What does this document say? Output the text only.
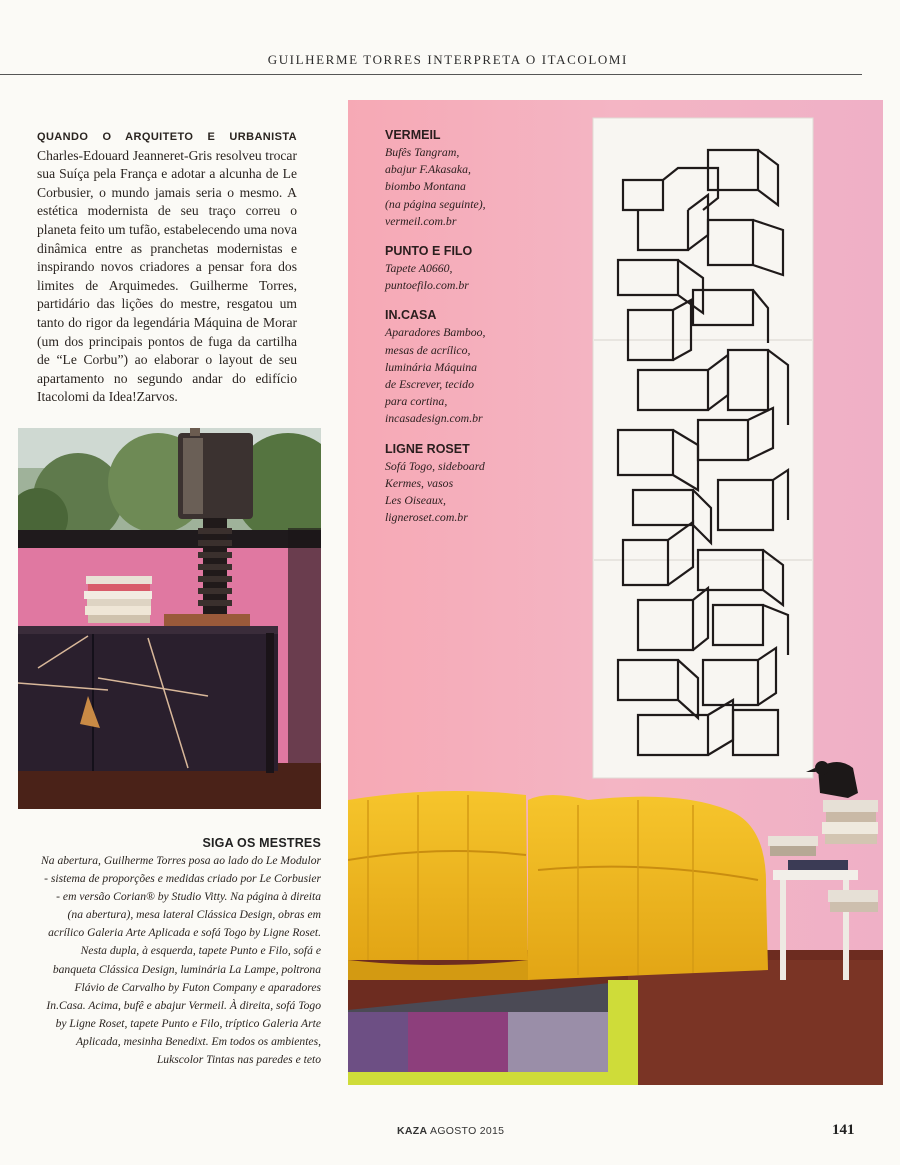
GUILHERME TORRES INTERPRETA O ITACOLOMI
QUANDO O ARQUITETO E URBANISTA Charles-Edouard Jeanneret-Gris resolveu trocar sua Suíça pela França e adotar a alcunha de Le Corbusier, o mundo jamais seria o mesmo. A estética modernista de seu traço correu o planeta feito um tufão, estabelecendo uma nova dinâmica entre as pranchetas modernistas e inspirando novos criadores a pensar fora dos limites de Arquimedes. Guilherme Torres, partidário das lições do mestre, resgatou um tanto do rigor da legendária Máquina de Morar (um dos principais pontos de fuga da cartilha de “Le Corbu”) ao elaborar o layout de seu apartamento no segundo andar do edifício Itacolomi da Idea!Zarvos.
SIGA OS MESTRES
Na abertura, Guilherme Torres posa ao lado do Le Modulor - sistema de proporções e medidas criado por Le Corbusier - em versão Corian® by Studio Vitty. Na página à direita (na abertura), mesa lateral Clássica Design, obras em acrílico Galeria Arte Aplicada e sofá Togo by Ligne Roset. Nesta dupla, à esquerda, tapete Punto e Filo, sofá e banqueta Clássica Design, luminária La Lampe, poltrona Flávio de Carvalho by Futon Company e aparadores In.Casa. Acima, bufê e abajur Vermeil. À direita, sofá Togo by Ligne Roset, tapete Punto e Filo, tríptico Galeria Arte Aplicada, mesinha Benedixt. Em todos os ambientes, Lukscolor Tintas nas paredes e teto
VERMEIL
Bufês Tangram,
abajur F.Akasaka,
biombo Montana
(na página seguinte),
vermeil.com.br
PUNTO E FILO
Tapete A0660,
puntoefilo.com.br
IN.CASA
Aparadores Bamboo,
mesas de acrílico,
luminária Máquina
de Escrever, tecido
para cortina,
incasadesign.com.br
LIGNE ROSET
Sofá Togo, sideboard
Kermes, vasos
Les Oiseaux,
ligneroset.com.br
KAZA AGOSTO 2015	141
